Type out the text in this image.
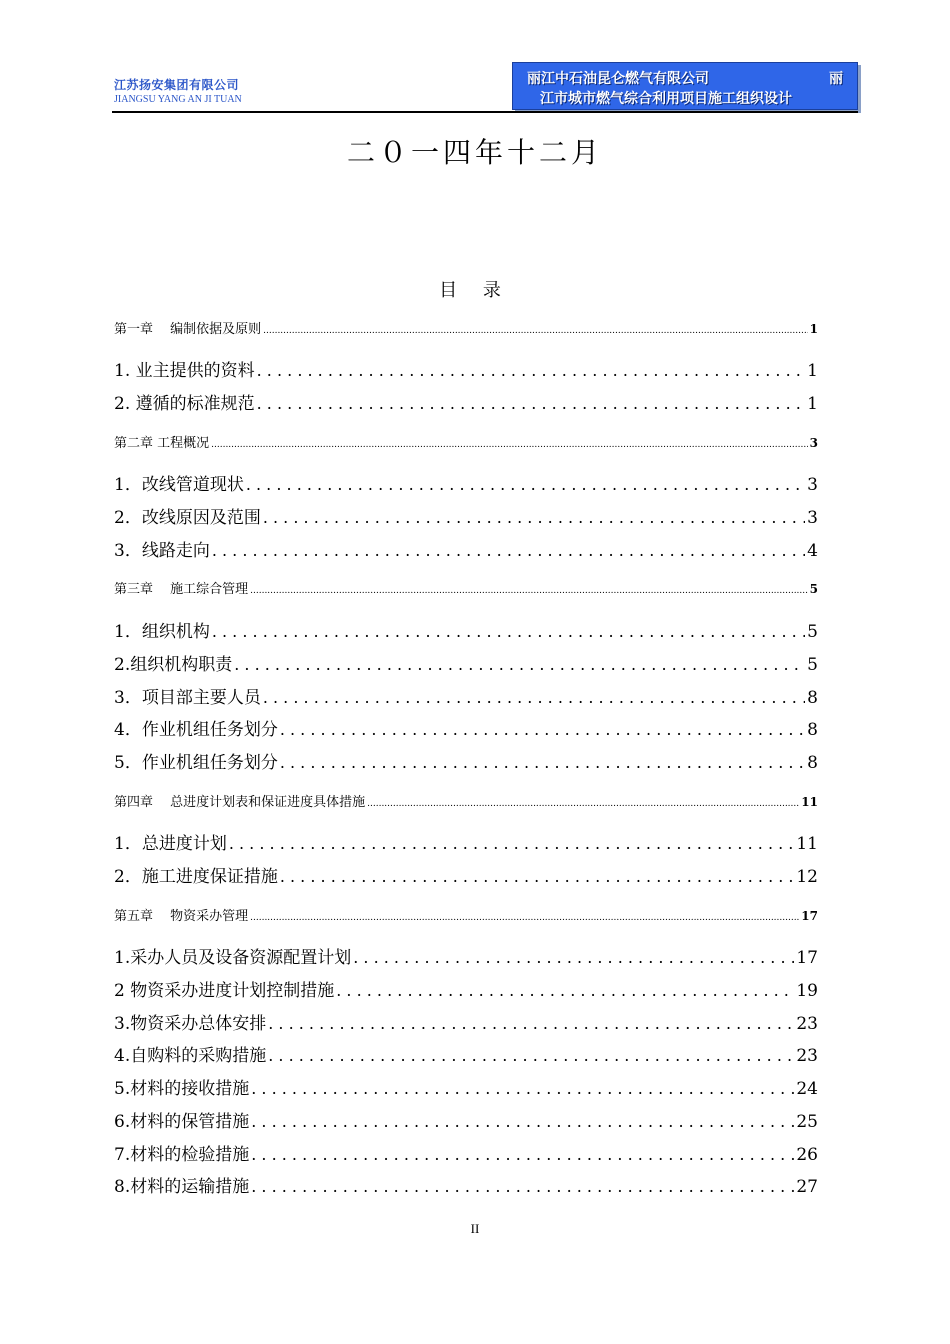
江苏扬安集团有限公司
JIANGSU YANG AN JI TUAN
丽江中石油昆仑燃气有限公司	丽
江市城市燃气综合利用项目施工组织设计
二０一四年十二月
目 录
第一章　 编制依据及原则 .....	1
1. 业主提供的资料 . . .	1
2. 遵循的标准规范 . . .	1
第二章 工程概况 .....	3
1．改线管道现状 . . .	3
2．改线原因及范围 . . .	3
3．线路走向 . . .	4
第三章　 施工综合管理 .....	5
1．组织机构 . . .	5
2.组织机构职责 . . .	5
3．项目部主要人员 . . .	8
4．作业机组任务划分 . . .	8
5．作业机组任务划分 . . .	8
第四章　 总进度计划表和保证进度具体措施 .....	11
1．总进度计划 . . .	11
2．施工进度保证措施 . . .	12
第五章　 物资采办管理 .....	17
1.采办人员及设备资源配置计划 . . .	17
2 物资采办进度计划控制措施 . . .	19
3.物资采办总体安排 . . .	23
4.自购料的采购措施 . . .	23
5.材料的接收措施 . . .	24
6.材料的保管措施 . . .	25
7.材料的检验措施 . . .	26
8.材料的运输措施 . . .	27
II
